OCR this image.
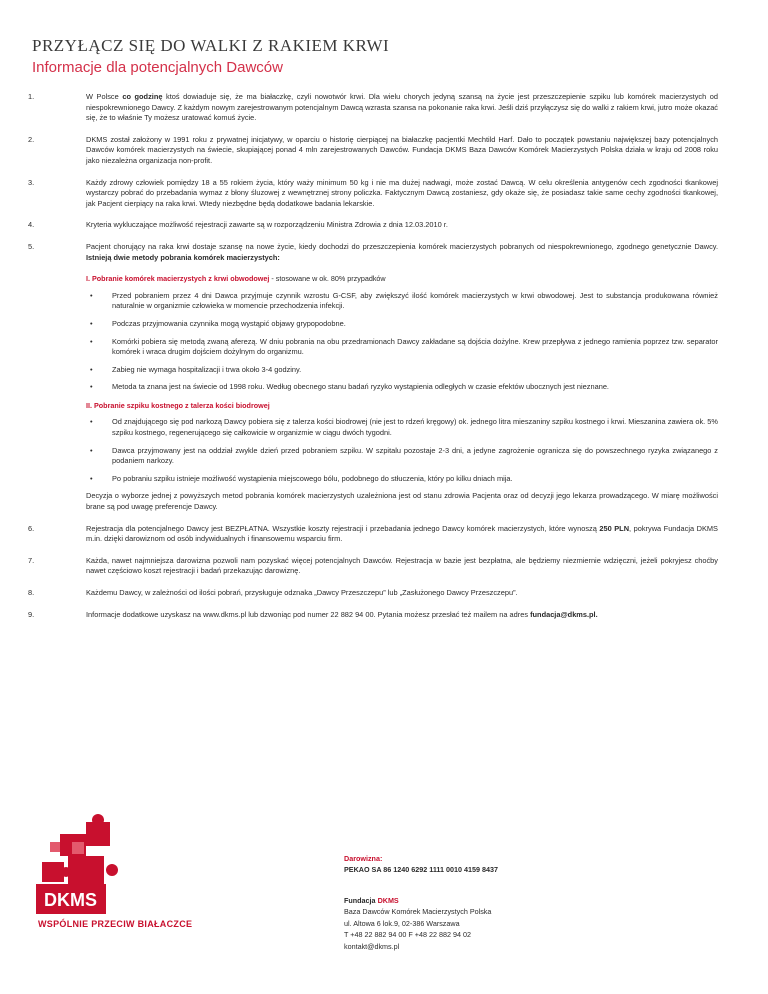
PRZYŁĄCZ SIĘ DO WALKI Z RAKIEM KRWI
Informacje dla potencjalnych Dawców
1.	W Polsce co godzinę ktoś dowiaduje się, że ma białaczkę, czyli nowotwór krwi. Dla wielu chorych jedyną szansą na życie jest przeszczepienie szpiku lub komórek macierzystych od niespokrewnionego Dawcy. Z każdym nowym zarejestrowanym potencjalnym Dawcą wzrasta szansa na pokonanie raka krwi. Jeśli dziś przyłączysz się do walki z rakiem krwi, jutro może okazać się, że to właśnie Ty możesz uratować komuś życie.

2.	DKMS został założony w 1991 roku z prywatnej inicjatywy, w oparciu o historię cierpiącej na białaczkę pacjentki Mechtild Harf. Dało to początek powstaniu największej bazy potencjalnych Dawców komórek macierzystych na świecie, skupiającej ponad 4 mln zarejestrowanych Dawców. Fundacja DKMS Baza Dawców Komórek Macierzystych Polska działa w kraju od 2008 roku jako niezależna organizacja non-profit.

3.	Każdy zdrowy człowiek pomiędzy 18 a 55 rokiem życia, który waży minimum 50 kg i nie ma dużej nadwagi, może zostać Dawcą. W celu określenia antygenów cech zgodności tkankowej wystarczy pobrać do przebadania wymaz z błony śluzowej z wewnętrznej strony policzka. Faktycznym Dawcą zostaniesz, gdy okaże się, że posiadasz takie same cechy zgodności tkankowej, jak Pacjent cierpiący na raka krwi. Wtedy niezbędne będą dodatkowe badania lekarskie.

4.	Kryteria wykluczające możliwość rejestracji zawarte są w rozporządzeniu Ministra Zdrowia z dnia 12.03.2010 r.

5.	Pacjent chorujący na raka krwi dostaje szansę na nowe życie, kiedy dochodzi do przeszczepienia komórek macierzystych pobranych od niespokrewnionego, zgodnego genetycznie Dawcy. Istnieją dwie metody pobrania komórek macierzystych:

I. Pobranie komórek macierzystych z krwi obwodowej - stosowane w ok. 80% przypadków
•	Przed pobraniem przez 4 dni Dawca przyjmuje czynnik wzrostu G-CSF, aby zwiększyć ilość komórek macierzystych w krwi obwodowej. Jest to substancja produkowana również naturalnie w organizmie człowieka w momencie przechodzenia infekcji.
•	Podczas przyjmowania czynnika mogą wystąpić objawy grypopodobne.
•	Komórki pobiera się metodą zwaną aferezą. W dniu pobrania na obu przedramionach Dawcy zakładane są dojścia dożylne. Krew przepływa z jednego ramienia poprzez tzw. separator komórek i wraca drugim dojściem dożylnym do organizmu.
•	Zabieg nie wymaga hospitalizacji i trwa około 3-4 godziny.
•	Metoda ta znana jest na świecie od 1998 roku. Według obecnego stanu badań ryzyko wystąpienia odległych w czasie efektów ubocznych jest nieznane.
II. Pobranie szpiku kostnego z talerza kości biodrowej
•	Od znajdującego się pod narkozą Dawcy pobiera się z talerza kości biodrowej (nie jest to rdzeń kręgowy) ok. jednego litra mieszaniny szpiku kostnego i krwi. Mieszanina zawiera ok. 5% szpiku kostnego, regenerującego się całkowicie w organizmie w ciągu dwóch tygodni.
•	Dawca przyjmowany jest na oddział zwykle dzień przed pobraniem szpiku. W szpitalu pozostaje 2-3 dni, a jedyne zagrożenie ogranicza się do powszechnego ryzyka związanego z podaniem narkozy.
•	Po pobraniu szpiku istnieje możliwość wystąpienia miejscowego bólu, podobnego do stłuczenia, który po kilku dniach mija.

Decyzja o wyborze jednej z powyższych metod pobrania komórek macierzystych uzależniona jest od stanu zdrowia Pacjenta oraz od decyzji jego lekarza prowadzącego. W miarę możliwości brane są pod uwagę preferencje Dawcy.

6.	Rejestracja dla potencjalnego Dawcy jest BEZPŁATNA. Wszystkie koszty rejestracji i przebadania jednego Dawcy komórek macierzystych, które wynoszą 250 PLN, pokrywa Fundacja DKMS m.in. dzięki darowiznom od osób indywidualnych i finansowemu wsparciu firm.

7.	Każda, nawet najmniejsza darowizna pozwoli nam pozyskać więcej potencjalnych Dawców. Rejestracja w bazie jest bezpłatna, ale będziemy niezmiernie wdzięczni, jeżeli pokryjesz choćby nawet częściowo koszt rejestracji i badań przekazując darowiznę.

8.	Każdemu Dawcy, w zależności od ilości pobrań, przysługuje odznaka „Dawcy Przeszczepu” lub „Zasłużonego Dawcy Przeszczepu”.

9.	Informacje dodatkowe uzyskasz na www.dkms.pl lub dzwoniąc pod numer 22 882 94 00. Pytania możesz przesłać też mailem na adres fundacja@dkms.pl.

DKMS
WSPÓLNIE PRZECIW BIAŁACZCE
Darowizna:
PEKAO SA 86 1240 6292 1111 0010 4159 8437
Fundacja DKMS
Baza Dawców Komórek Macierzystych Polska
ul. Altowa 6 lok.9, 02-386 Warszawa
T +48 22 882 94 00 F +48 22 882 94 02
kontakt@dkms.pl
